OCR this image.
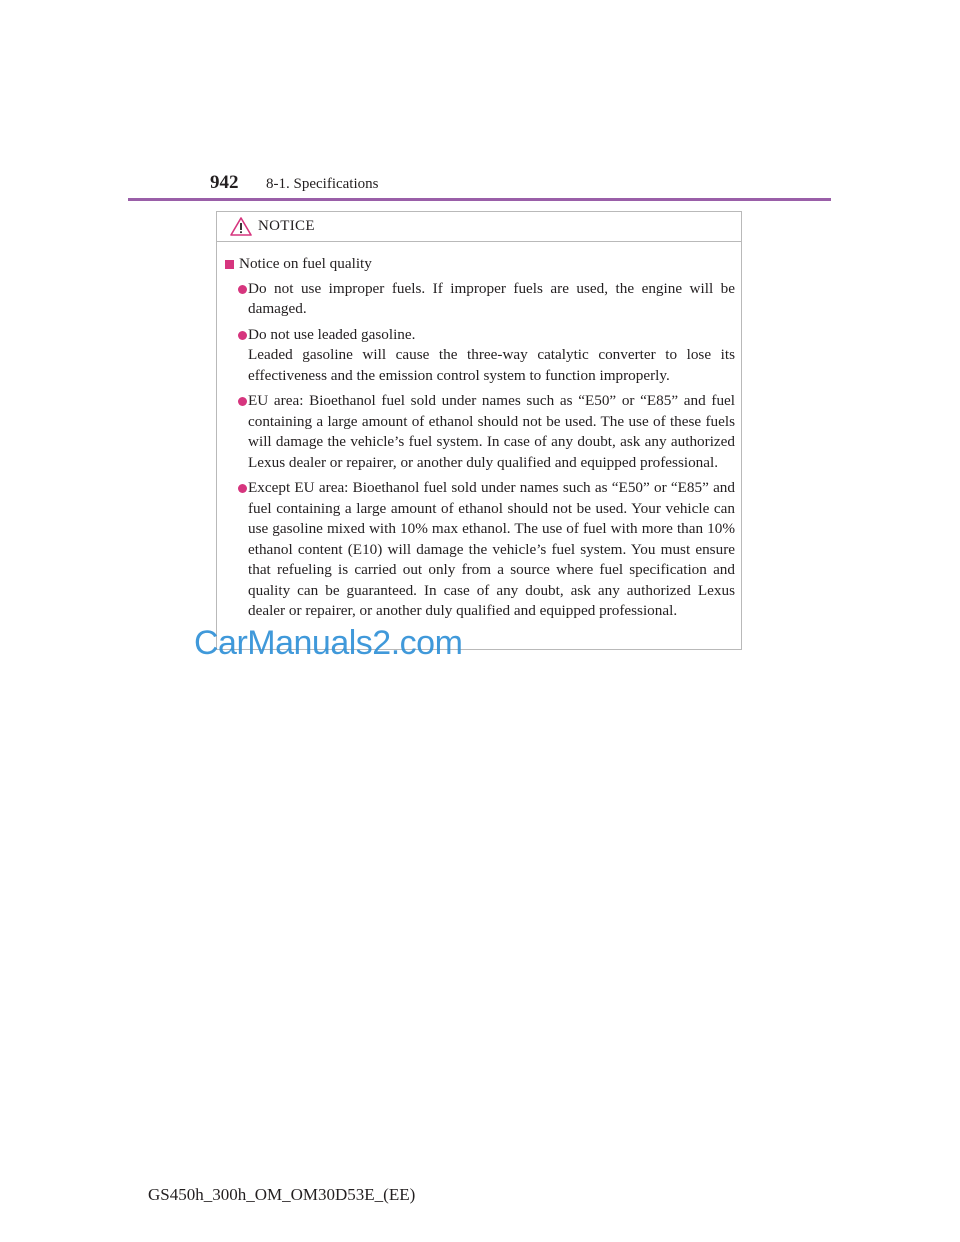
942	8-1. Specifications
NOTICE
Notice on fuel quality

Do not use improper fuels. If improper fuels are used, the engine will be damaged.

Do not use leaded gasoline.

Leaded gasoline will cause the three-way catalytic converter to lose its effectiveness and the emission control system to function improperly.

EU area: Bioethanol fuel sold under names such as “E50” or “E85” and fuel containing a large amount of ethanol should not be used. The use of these fuels will damage the vehicle’s fuel system. In case of any doubt, ask any authorized Lexus dealer or repairer, or another duly qualified and equipped professional.

Except EU area: Bioethanol fuel sold under names such as “E50” or “E85” and fuel containing a large amount of ethanol should not be used. Your vehicle can use gasoline mixed with 10% max ethanol. The use of fuel with more than 10% ethanol content (E10) will damage the vehicle’s fuel system. You must ensure that refueling is carried out only from a source where fuel specification and quality can be guaranteed. In case of any doubt, ask any authorized Lexus dealer or repairer, or another duly qualified and equipped professional.

CarManuals2.com
GS450h_300h_OM_OM30D53E_(EE)
